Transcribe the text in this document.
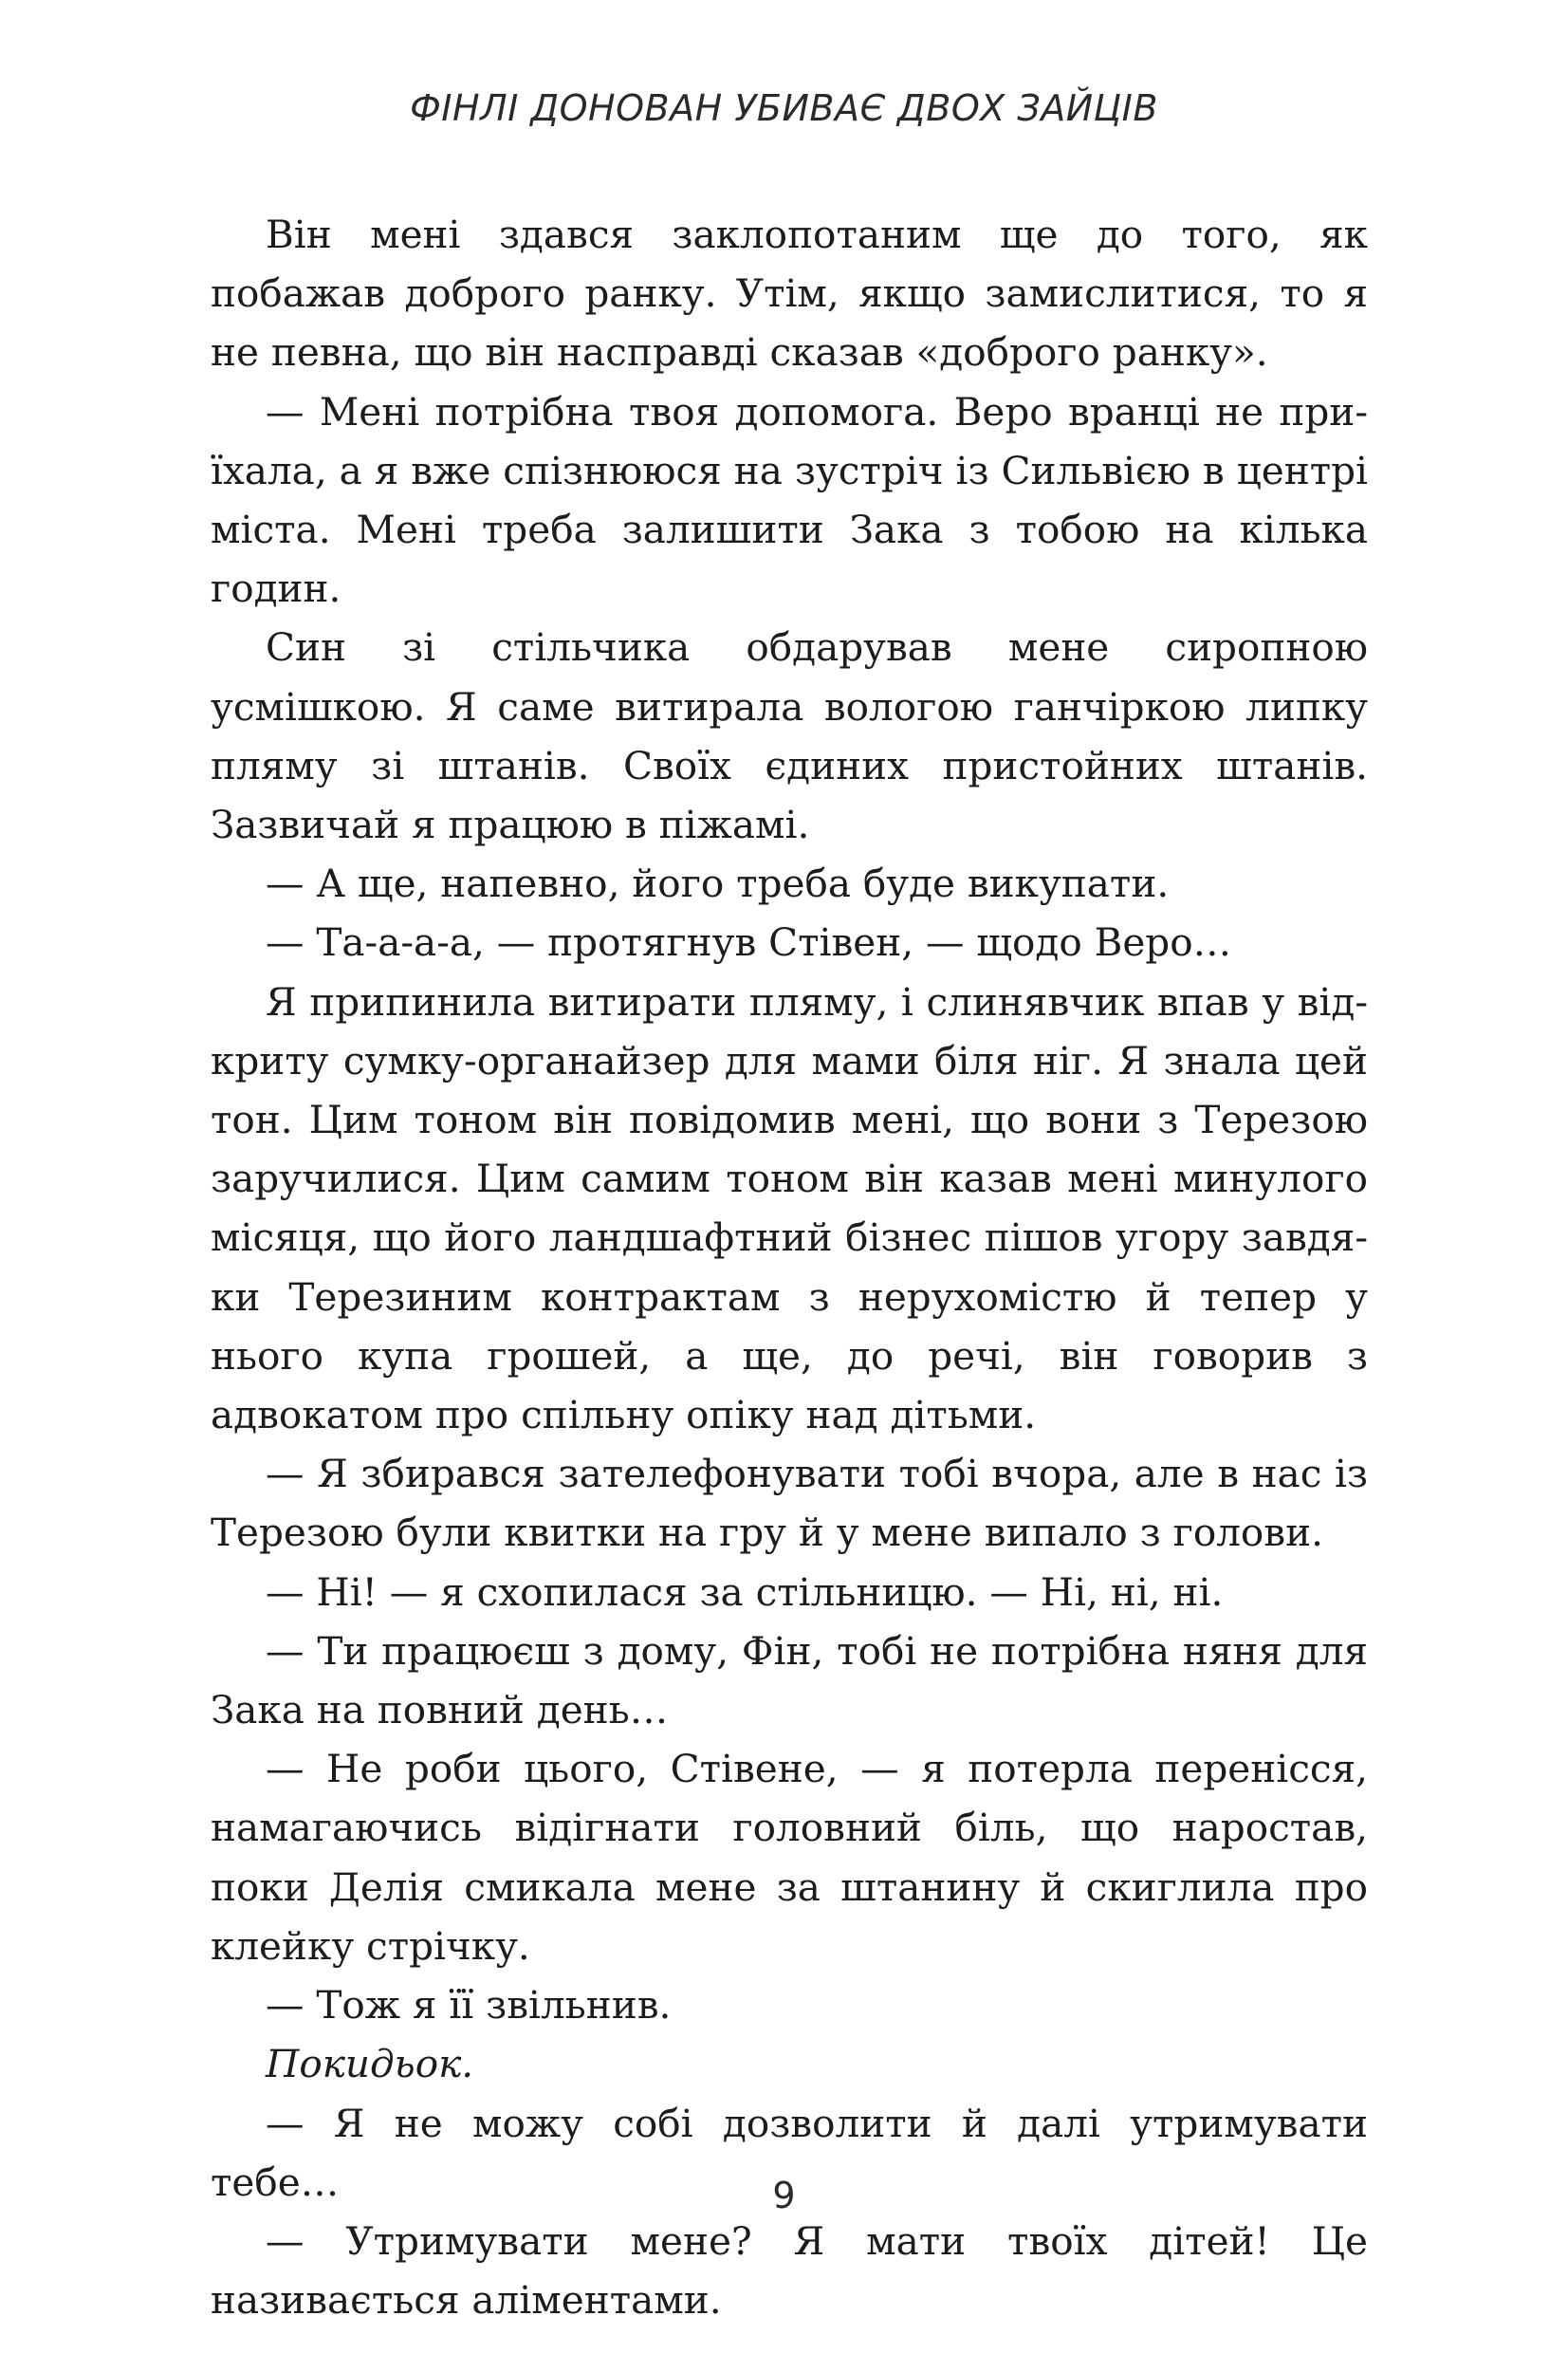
ФІНЛІ ДОНОВАН УБИВАЄ ДВОХ ЗАЙЦІВ

Він мені здався заклопотаним ще до того, як побажав доброго ранку. Утім, якщо замислитися, то я не певна, що він насправді сказав «доброго ранку».

— Мені потрібна твоя допомога. Веро вранці не приїхала, а я вже спізнююся на зустріч із Сильвією в центрі міста. Мені треба залишити Зака з тобою на кілька годин.

Син зі стільчика обдарував мене сиропною усмішкою. Я саме витирала вологою ганчіркою липку пляму зі штанів. Своїх єдиних пристойних штанів. Зазвичай я працюю в піжамі.

— А ще, напевно, його треба буде викупати.

— Та-а-а-а, — протягнув Стівен, — щодо Веро…

Я припинила витирати пляму, і слинявчик впав у відкриту сумку-органайзер для мами біля ніг. Я знала цей тон. Цим тоном він повідомив мені, що вони з Терезою заручилися. Цим самим тоном він казав мені минулого місяця, що його ландшафтний бізнес пішов угору завдяки Терезиним контрактам з нерухомістю й тепер у нього купа грошей, а ще, до речі, він говорив з адвокатом про спільну опіку над дітьми.

— Я збирався зателефонувати тобі вчора, але в нас із Терезою були квитки на гру й у мене випало з голови.

— Ні! — я схопилася за стільницю. — Ні, ні, ні.

— Ти працюєш з дому, Фін, тобі не потрібна няня для Зака на повний день…

— Не роби цього, Стівене, — я потерла перенісся, намагаючись відігнати головний біль, що наростав, поки Делія смикала мене за штанину й скиглила про клейку стрічку.

— Тож я її звільнив.

Покидьок.

— Я не можу собі дозволити й далі утримувати тебе…

— Утримувати мене? Я мати твоїх дітей! Це називається аліментами.

9
